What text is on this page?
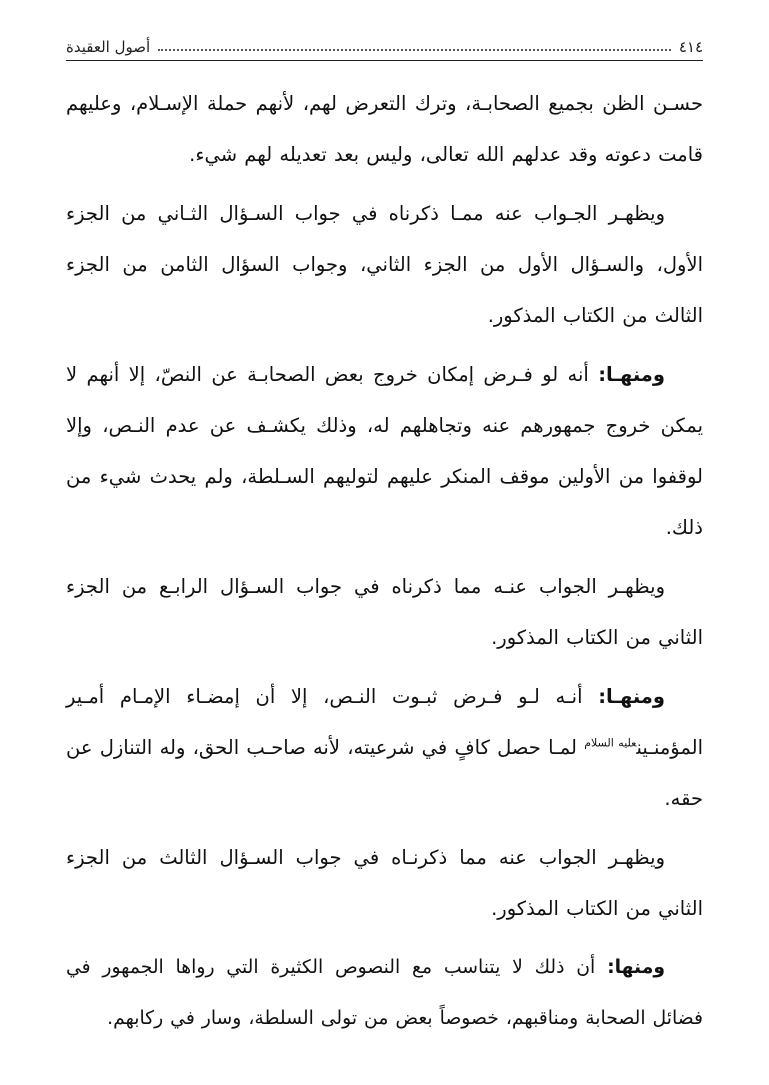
٤١٤
أصول العقيدة

حسـن الظن بجميع الصحابـة، وترك التعرض لهم، لأنهم حملة الإسـلام، وعليهم قامت دعوته وقد عدلهم الله تعالى، وليس بعد تعديله لهم شيء.

ويظهـر الجـواب عنه ممـا ذكرناه في جواب السـؤال الثـاني من الجزء الأول، والسـؤال الأول من الجزء الثاني، وجواب السؤال الثامن من الجزء الثالث من الكتاب المذكور.

ومنهـا: أنه لو فـرض إمكان خروج بعض الصحابـة عن النصّ، إلا أنهم لا يمكن خروج جمهورهم عنه وتجاهلهم له، وذلك يكشـف عن عدم النـص، وإلا لوقفوا من الأولين موقف المنكر عليهم لتوليهم السـلطة، ولم يحدث شيء من ذلك.

ويظهـر الجواب عنـه مما ذكرناه في جواب السـؤال الرابـع من الجزء الثاني من الكتاب المذكور.

ومنهـا: أنـه لـو فـرض ثبـوت النـص، إلا أن إمضـاء الإمـام أمـير المؤمنـين$^{عليه السلام}$ لمـا حصل كافٍ في شرعيته، لأنه صاحـب الحق، وله التنازل عن حقه.

ويظهـر الجواب عنه مما ذكرنـاه في جواب السـؤال الثالث من الجزء الثاني من الكتاب المذكور.

ومنها: أن ذلك لا يتناسب مع النصوص الكثيرة التي رواها الجمهور في فضائل الصحابة ومناقبهم، خصوصاً بعض من تولى السلطة، وسار في ركابهم.
